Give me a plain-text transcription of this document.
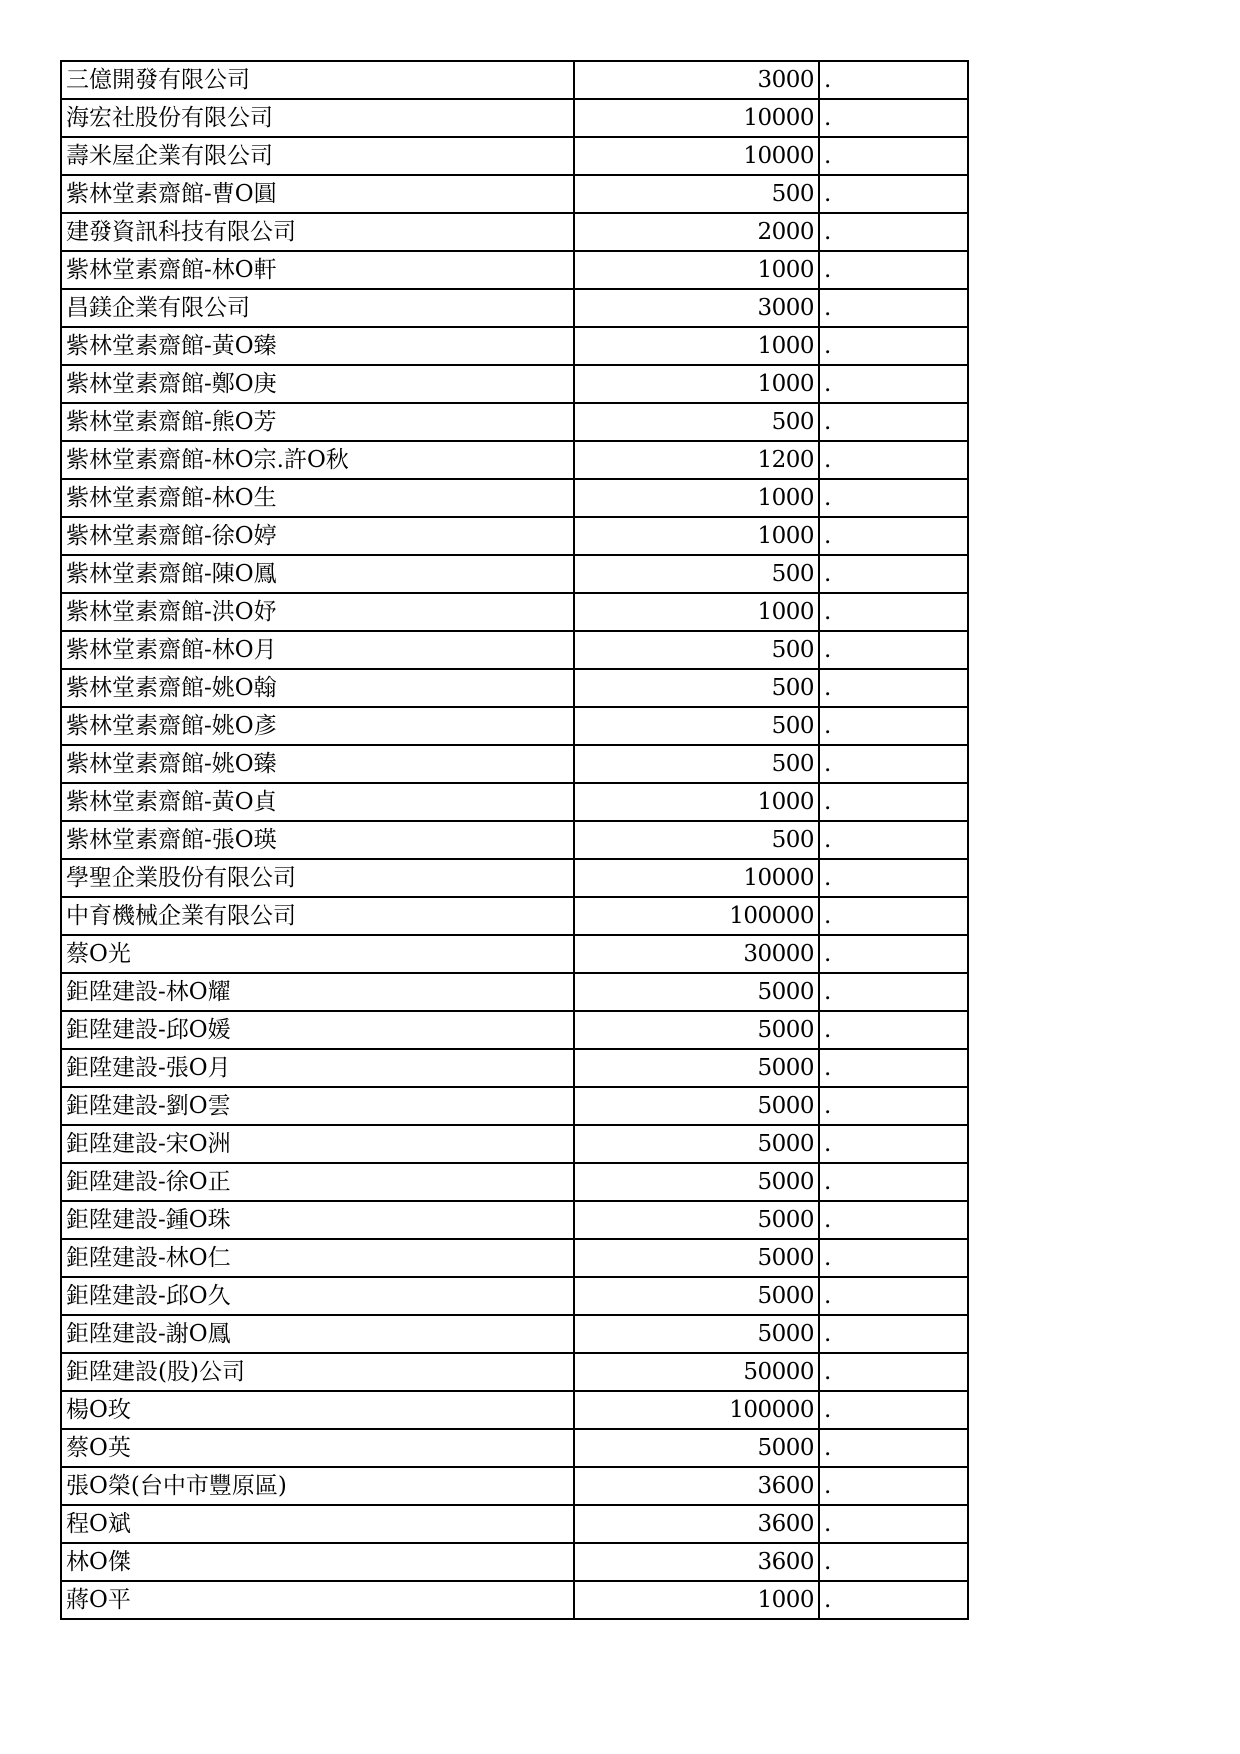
三億開發有限公司	3000	.
海宏社股份有限公司	10000	.
壽米屋企業有限公司	10000	.
紫林堂素齋館-曹O圓	500	.
建發資訊科技有限公司	2000	.
紫林堂素齋館-林O軒	1000	.
昌鎂企業有限公司	3000	.
紫林堂素齋館-黃O臻	1000	.
紫林堂素齋館-鄭O庚	1000	.
紫林堂素齋館-熊O芳	500	.
紫林堂素齋館-林O宗.許O秋	1200	.
紫林堂素齋館-林O生	1000	.
紫林堂素齋館-徐O婷	1000	.
紫林堂素齋館-陳O鳳	500	.
紫林堂素齋館-洪O妤	1000	.
紫林堂素齋館-林O月	500	.
紫林堂素齋館-姚O翰	500	.
紫林堂素齋館-姚O彥	500	.
紫林堂素齋館-姚O臻	500	.
紫林堂素齋館-黃O貞	1000	.
紫林堂素齋館-張O瑛	500	.
學聖企業股份有限公司	10000	.
中育機械企業有限公司	100000	.
蔡O光	30000	.
鉅陞建設-林O耀	5000	.
鉅陞建設-邱O媛	5000	.
鉅陞建設-張O月	5000	.
鉅陞建設-劉O雲	5000	.
鉅陞建設-宋O洲	5000	.
鉅陞建設-徐O正	5000	.
鉅陞建設-鍾O珠	5000	.
鉅陞建設-林O仁	5000	.
鉅陞建設-邱O久	5000	.
鉅陞建設-謝O鳳	5000	.
鉅陞建設(股)公司	50000	.
楊O玫	100000	.
蔡O英	5000	.
張O榮(台中市豐原區)	3600	.
程O斌	3600	.
林O傑	3600	.
蔣O平	1000	.
